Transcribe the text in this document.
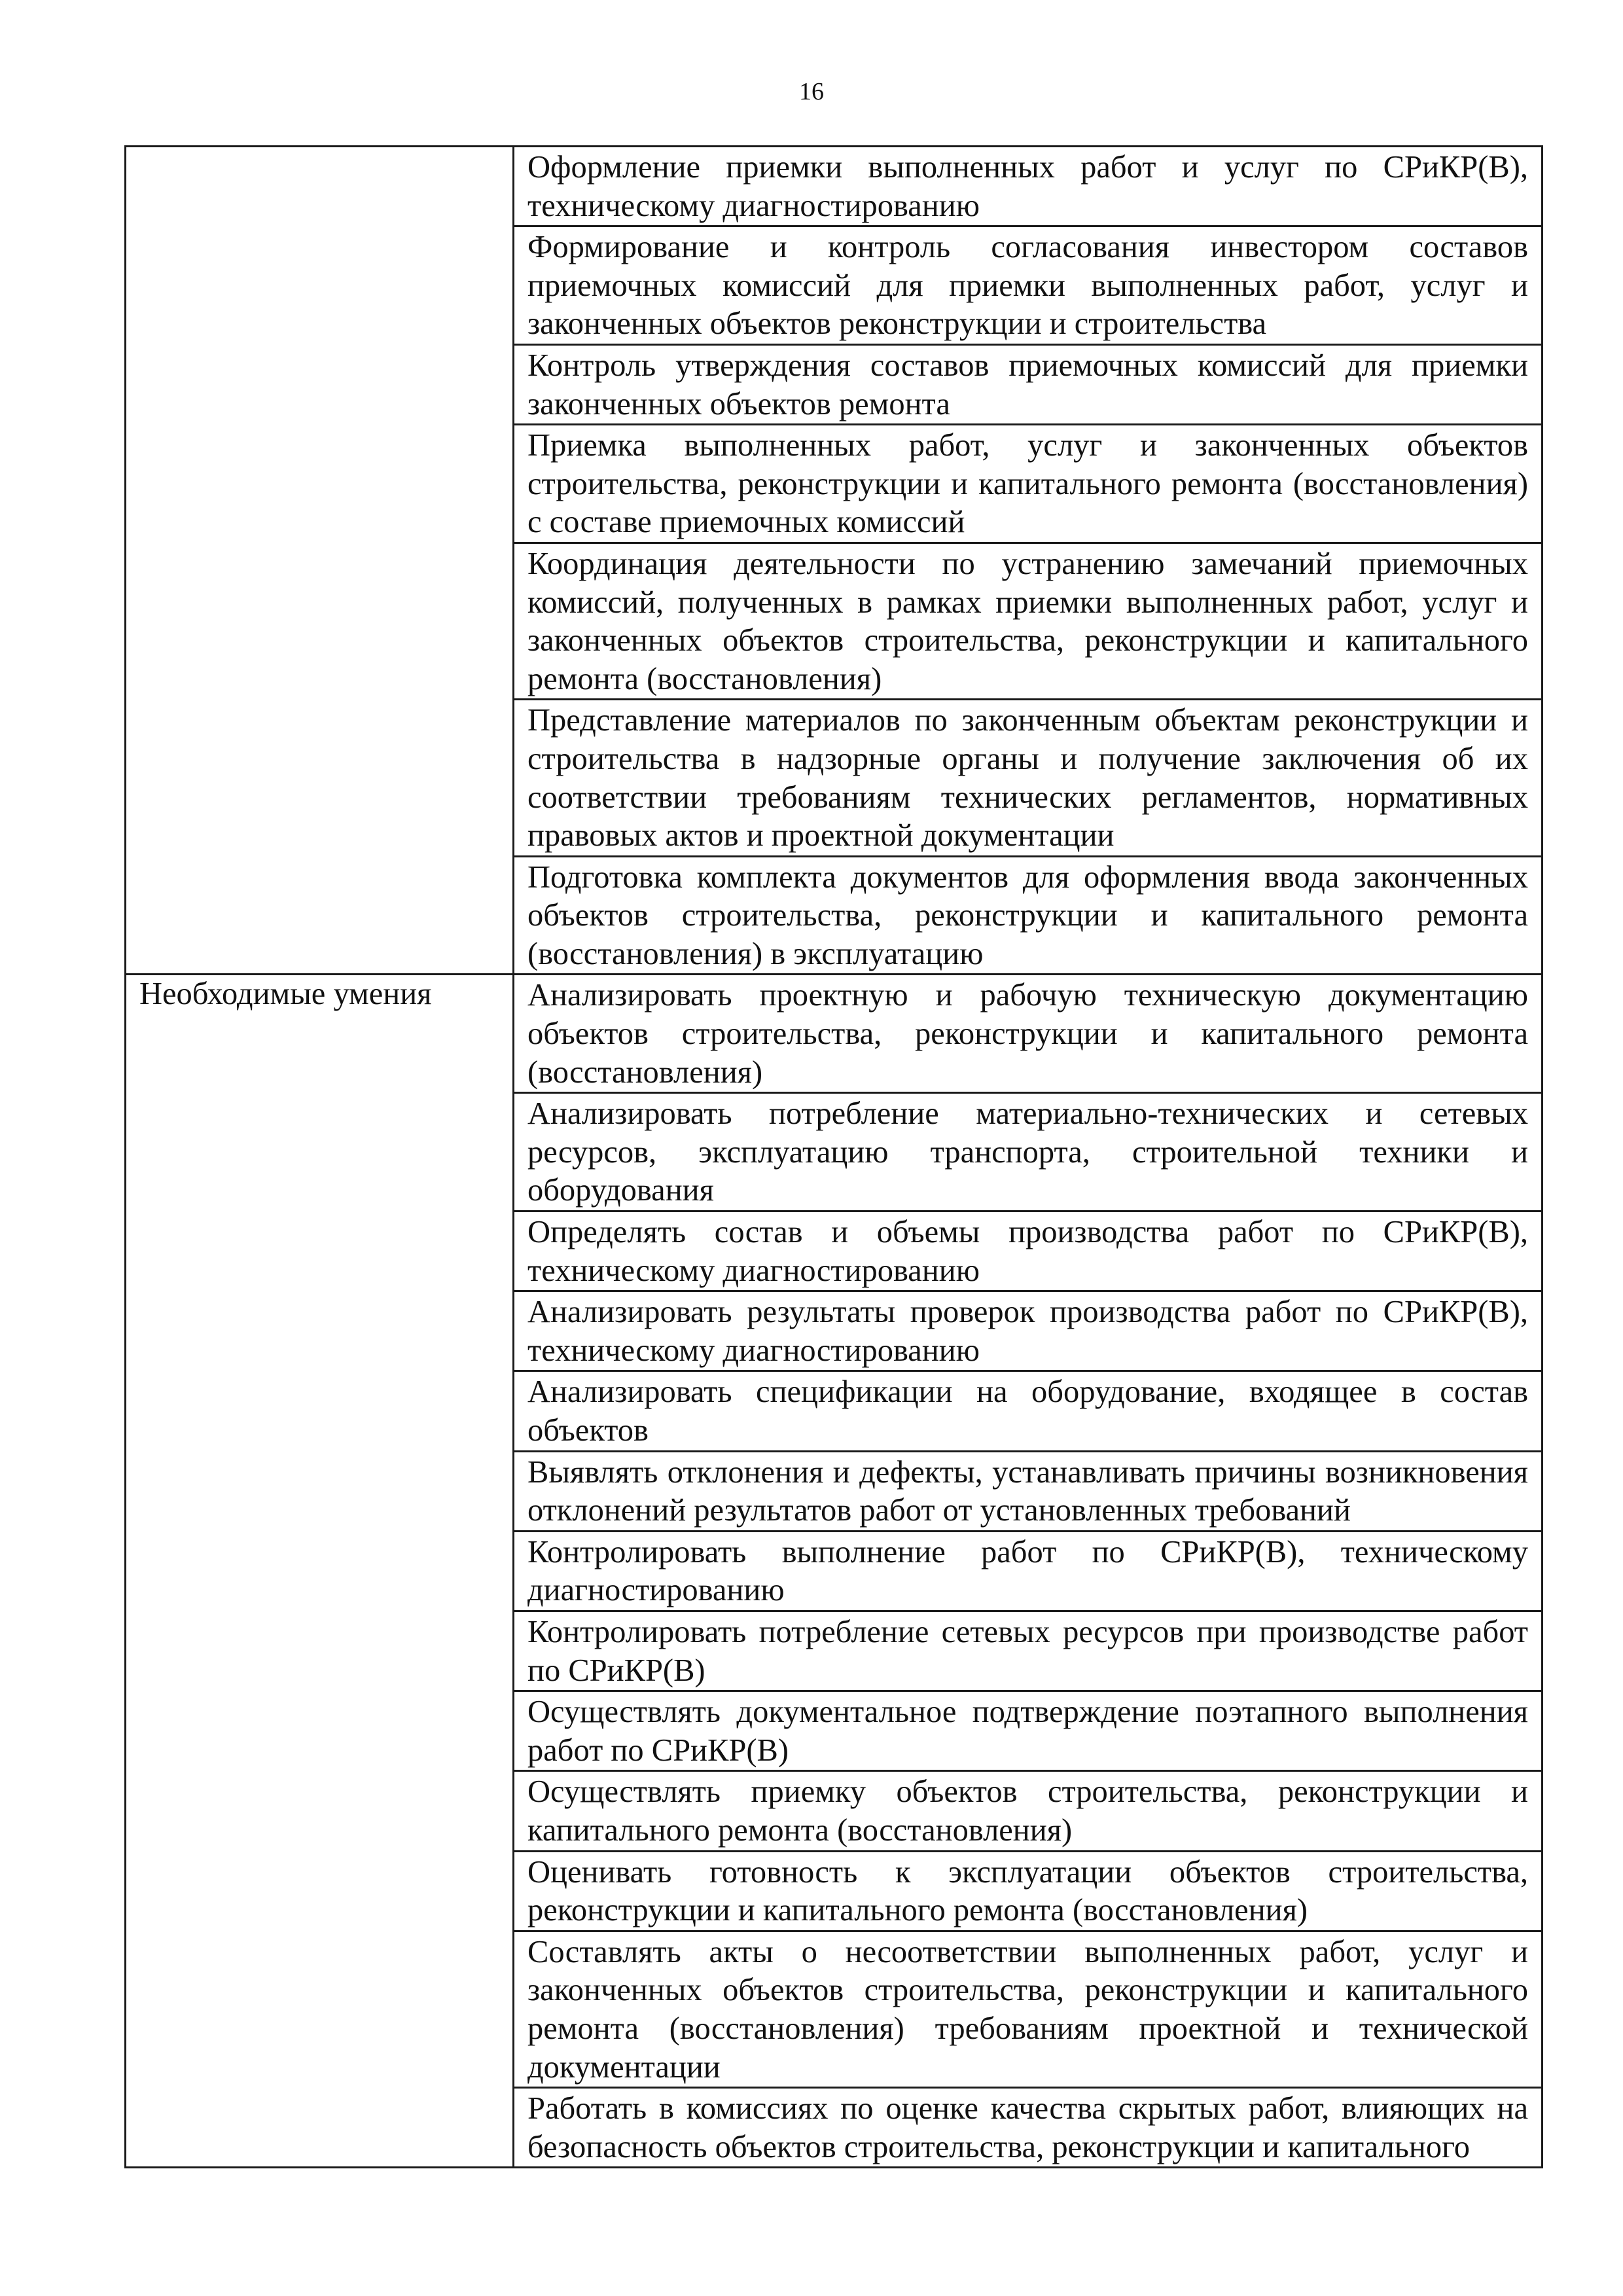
16
	Оформление приемки выполненных работ и услуг по СРиКР(В), техническому диагностированию
	Формирование и контроль согласования инвестором составов приемочных комиссий для приемки выполненных работ, услуг и законченных объектов реконструкции и строительства
	Контроль утверждения составов приемочных комиссий для приемки законченных объектов ремонта
	Приемка выполненных работ, услуг и законченных объектов строительства, реконструкции и капитального ремонта (восстановления) с составе приемочных комиссий
	Координация деятельности по устранению замечаний приемочных комиссий, полученных в рамках приемки выполненных работ, услуг и законченных объектов строительства, реконструкции и капитального ремонта (восстановления)
	Представление материалов по законченным объектам реконструкции и строительства в надзорные органы и получение заключения об их соответствии требованиям технических регламентов, нормативных правовых актов и проектной документации
	Подготовка комплекта документов для оформления ввода законченных объектов строительства, реконструкции и капитального ремонта (восстановления) в эксплуатацию
Необходимые умения	Анализировать проектную и рабочую техническую документацию объектов строительства, реконструкции и капитального ремонта (восстановления)
	Анализировать потребление материально-технических и сетевых ресурсов, эксплуатацию транспорта, строительной техники и оборудования
	Определять состав и объемы производства работ по СРиКР(В), техническому диагностированию
	Анализировать результаты проверок производства работ по СРиКР(В), техническому диагностированию
	Анализировать спецификации на оборудование, входящее в состав объектов
	Выявлять отклонения и дефекты, устанавливать причины возникновения отклонений результатов работ от установленных требований
	Контролировать выполнение работ по СРиКР(В), техническому диагностированию
	Контролировать потребление сетевых ресурсов при производстве работ по СРиКР(В)
	Осуществлять документальное подтверждение поэтапного выполнения работ по СРиКР(В)
	Осуществлять приемку объектов строительства, реконструкции и капитального ремонта (восстановления)
	Оценивать готовность к эксплуатации объектов строительства, реконструкции и капитального ремонта (восстановления)
	Составлять акты о несоответствии выполненных работ, услуг и законченных объектов строительства, реконструкции и капитального ремонта (восстановления) требованиям проектной и технической документации
	Работать в комиссиях по оценке качества скрытых работ, влияющих на безопасность объектов строительства, реконструкции и капитального
